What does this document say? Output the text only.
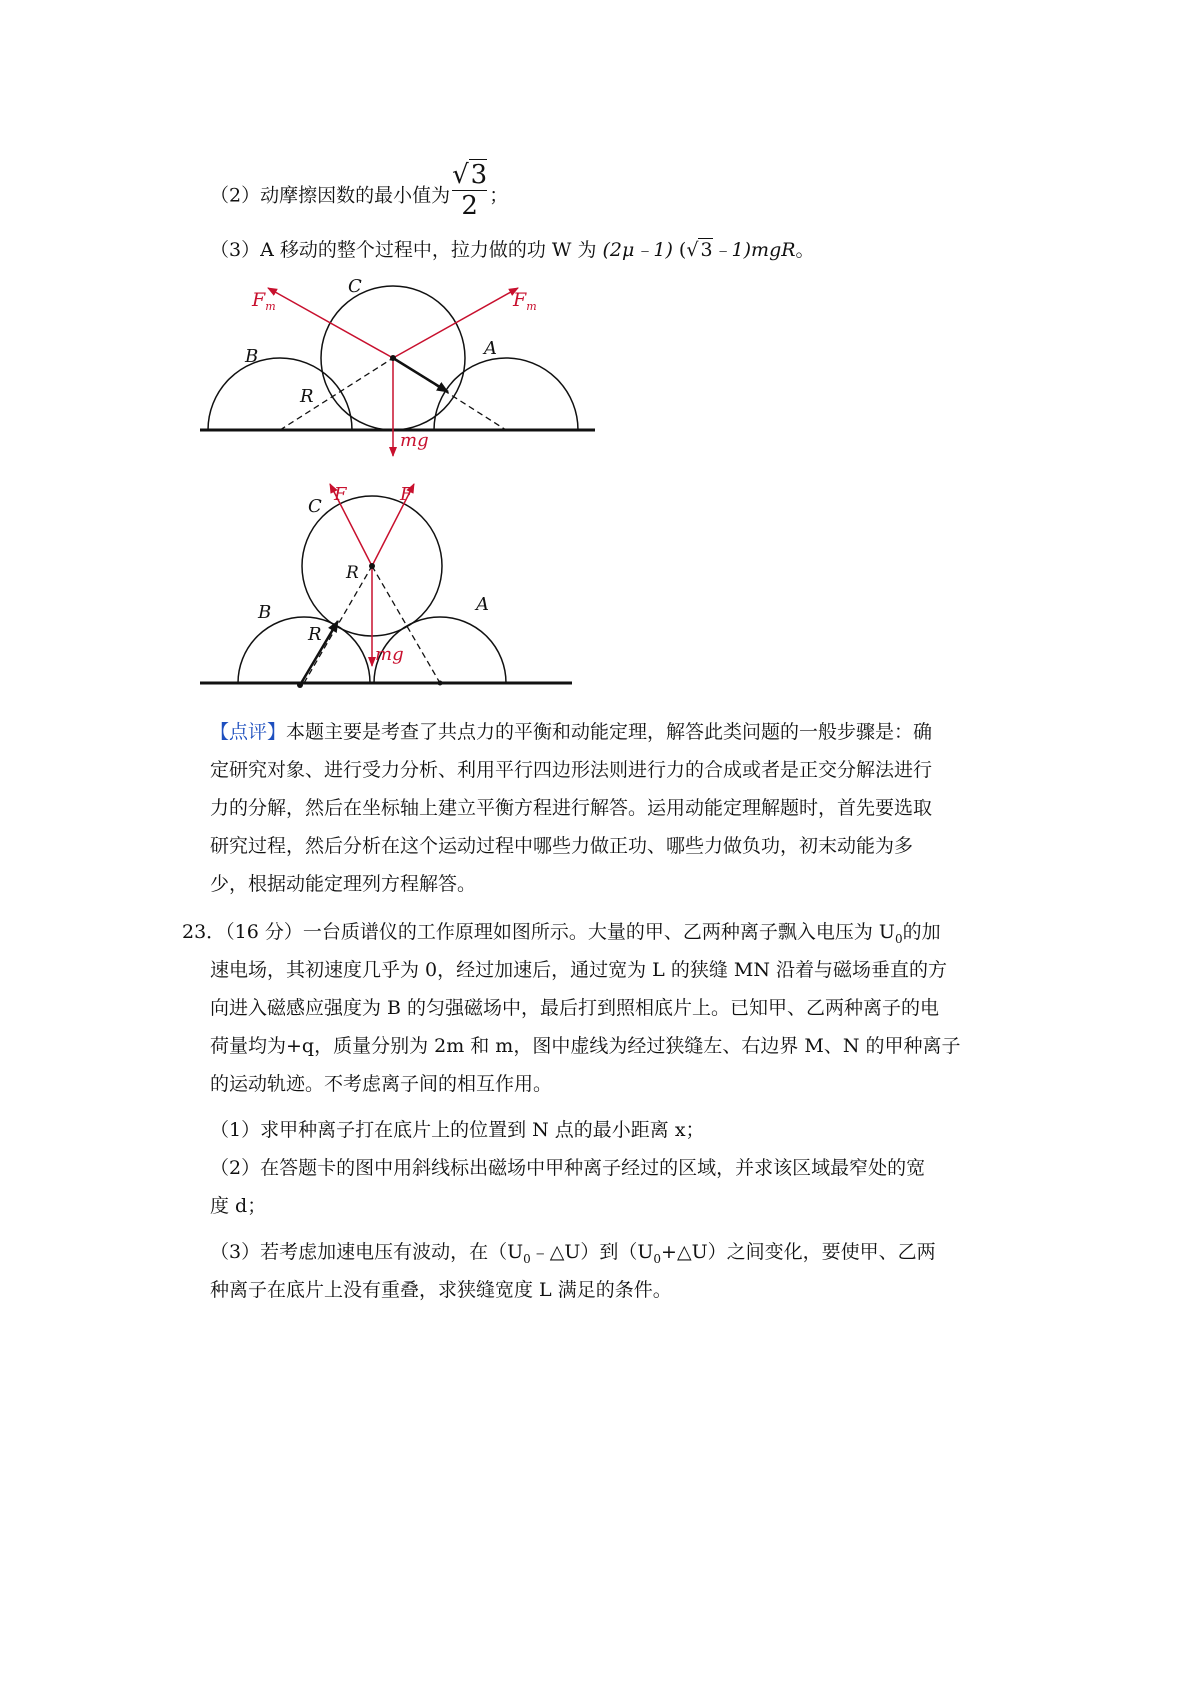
（2）动摩擦因数的最小值为 $\frac{√3}{2}$ ；
（3）A 移动的整个过程中，拉力做的功 W 为 (2μ﹣1) (√ 3﹣1)mgR。
C
B	A
R
$F_m$	$F_m$
mg
C
F	F
R
B	A
R
mg
【点评】本题主要是考查了共点力的平衡和动能定理，解答此类问题的一般步骤是：确
定研究对象、进行受力分析、利用平行四边形法则进行力的合成或者是正交分解法进行
力的分解，然后在坐标轴上建立平衡方程进行解答。运用动能定理解题时，首先要选取
研究过程，然后分析在这个运动过程中哪些力做正功、哪些力做负功，初末动能为多
少，根据动能定理列方程解答。
23．（16 分）一台质谱仪的工作原理如图所示。大量的甲、乙两种离子飘入电压为 $U_0$的加
速电场，其初速度几乎为 0，经过加速后，通过宽为 L 的狭缝 MN 沿着与磁场垂直的方
向进入磁感应强度为 B 的匀强磁场中，最后打到照相底片上。已知甲、乙两种离子的电
荷量均为+q，质量分别为 2m 和 m，图中虚线为经过狭缝左、右边界 M、N 的甲种离子
的运动轨迹。不考虑离子间的相互作用。
（1）求甲种离子打在底片上的位置到 N 点的最小距离 x；
（2）在答题卡的图中用斜线标出磁场中甲种离子经过的区域，并求该区域最窄处的宽
度 d；
（3）若考虑加速电压有波动，在$(U_0﹣\triangle U)$到$(U_0+\triangle U)$之间变化，要使甲、乙两
种离子在底片上没有重叠，求狭缝宽度 L 满足的条件。
